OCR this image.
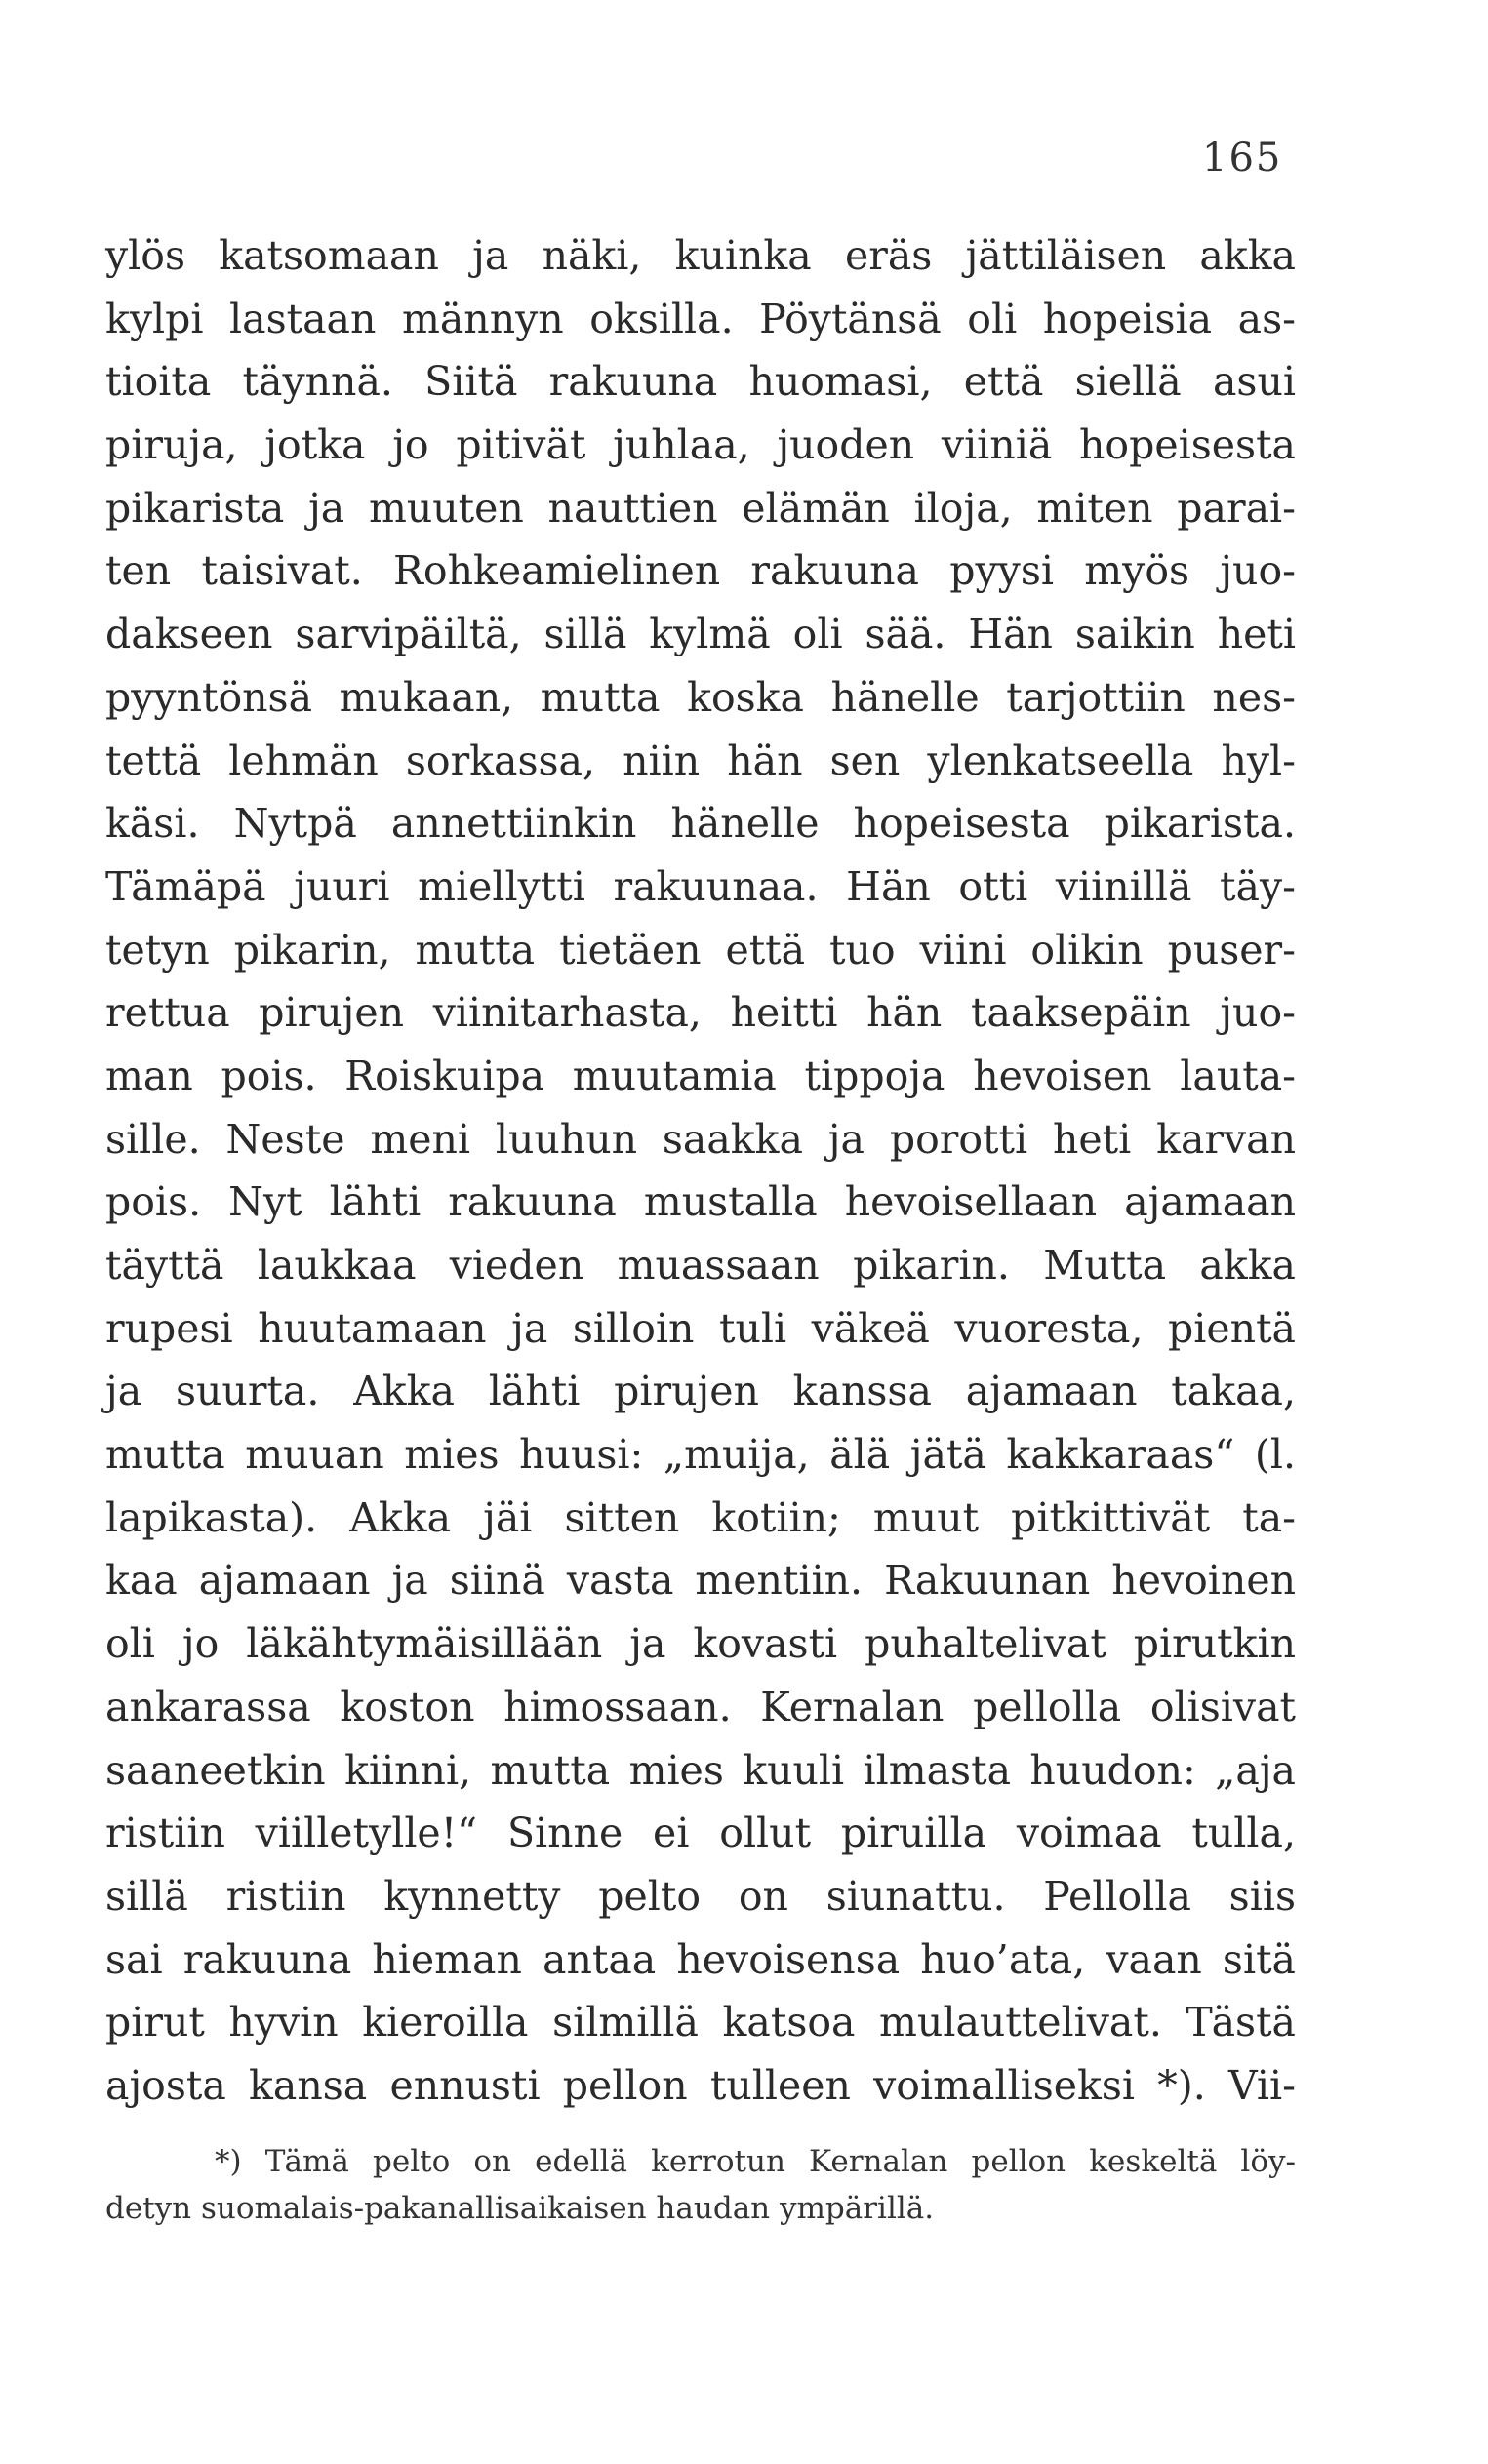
165
ylös katsomaan ja näki, kuinka eräs jättiläisen akka
kylpi lastaan männyn oksilla. Pöytänsä oli hopeisia as-
tioita täynnä. Siitä rakuuna huomasi, että siellä asui
piruja, jotka jo pitivät juhlaa, juoden viiniä hopeisesta
pikarista ja muuten nauttien elämän iloja, miten parai-
ten taisivat. Rohkeamielinen rakuuna pyysi myös juo-
dakseen sarvipäiltä, sillä kylmä oli sää. Hän saikin heti
pyyntönsä mukaan, mutta koska hänelle tarjottiin nes-
tettä lehmän sorkassa, niin hän sen ylenkatseella hyl-
käsi. Nytpä annettiinkin hänelle hopeisesta pikarista.
Tämäpä juuri miellytti rakuunaa. Hän otti viinillä täy-
tetyn pikarin, mutta tietäen että tuo viini olikin puser-
rettua pirujen viinitarhasta, heitti hän taaksepäin juo-
man pois. Roiskuipa muutamia tippoja hevoisen lauta-
sille. Neste meni luuhun saakka ja porotti heti karvan
pois. Nyt lähti rakuuna mustalla hevoisellaan ajamaan
täyttä laukkaa vieden muassaan pikarin. Mutta akka
rupesi huutamaan ja silloin tuli väkeä vuoresta, pientä
ja suurta. Akka lähti pirujen kanssa ajamaan takaa,
mutta muuan mies huusi: „muija, älä jätä kakkaraas“ (l.
lapikasta). Akka jäi sitten kotiin; muut pitkittivät ta-
kaa ajamaan ja siinä vasta mentiin. Rakuunan hevoinen
oli jo läkähtymäisillään ja kovasti puhaltelivat pirutkin
ankarassa koston himossaan. Kernalan pellolla olisivat
saaneetkin kiinni, mutta mies kuuli ilmasta huudon: „aja
ristiin viilletylle!“ Sinne ei ollut piruilla voimaa tulla,
sillä ristiin kynnetty pelto on siunattu. Pellolla siis
sai rakuuna hieman antaa hevoisensa huo’ata, vaan sitä
pirut hyvin kieroilla silmillä katsoa mulauttelivat. Tästä
ajosta kansa ennusti pellon tulleen voimalliseksi *). Vii-
*) Tämä pelto on edellä kerrotun Kernalan pellon keskeltä löy-
detyn suomalais-pakanallisaikaisen haudan ympärillä.
